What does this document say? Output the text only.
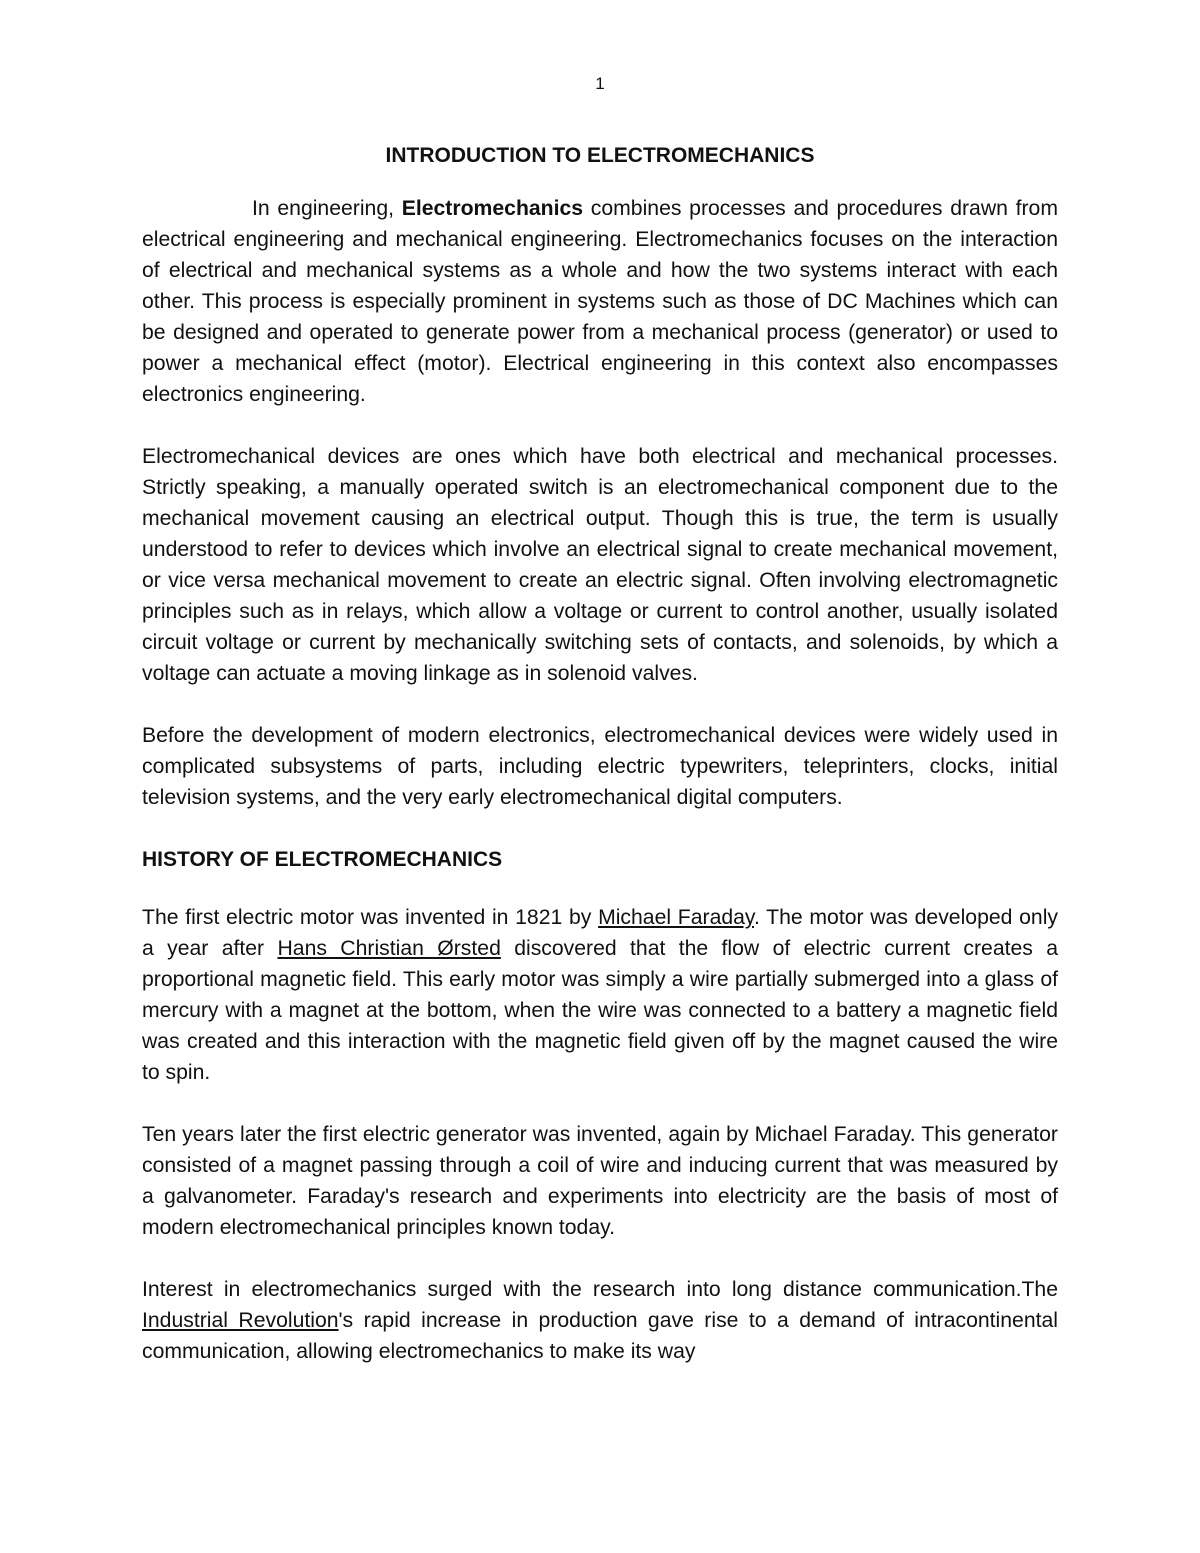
1
INTRODUCTION TO ELECTROMECHANICS

In engineering, Electromechanics combines processes and procedures drawn from electrical engineering and mechanical engineering. Electromechanics focuses on the interaction of electrical and mechanical systems as a whole and how the two systems interact with each other. This process is especially prominent in systems such as those of DC Machines which can be designed and operated to generate power from a mechanical process (generator) or used to power a mechanical effect (motor). Electrical engineering in this context also encompasses electronics engineering.

Electromechanical devices are ones which have both electrical and mechanical processes. Strictly speaking, a manually operated switch is an electromechanical component due to the mechanical movement causing an electrical output. Though this is true, the term is usually understood to refer to devices which involve an electrical signal to create mechanical movement, or vice versa mechanical movement to create an electric signal. Often involving electromagnetic principles such as in relays, which allow a voltage or current to control another, usually isolated circuit voltage or current by mechanically switching sets of contacts, and solenoids, by which a voltage can actuate a moving linkage as in solenoid valves.

Before the development of modern electronics, electromechanical devices were widely used in complicated subsystems of parts, including electric typewriters, teleprinters, clocks, initial television systems, and the very early electromechanical digital computers.

HISTORY OF ELECTROMECHANICS

The first electric motor was invented in 1821 by Michael Faraday. The motor was developed only a year after Hans Christian Ørsted discovered that the flow of electric current creates a proportional magnetic field. This early motor was simply a wire partially submerged into a glass of mercury with a magnet at the bottom, when the wire was connected to a battery a magnetic field was created and this interaction with the magnetic field given off by the magnet caused the wire to spin.

Ten years later the first electric generator was invented, again by Michael Faraday. This generator consisted of a magnet passing through a coil of wire and inducing current that was measured by a galvanometer. Faraday's research and experiments into electricity are the basis of most of modern electromechanical principles known today.

Interest in electromechanics surged with the research into long distance communication.The Industrial Revolution's rapid increase in production gave rise to a demand of intracontinental communication, allowing electromechanics to make its way
